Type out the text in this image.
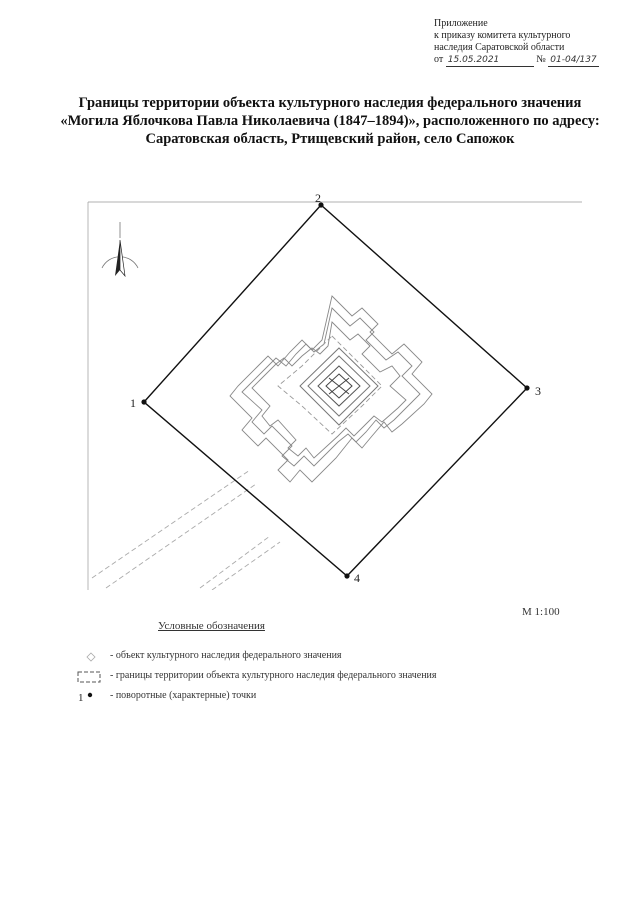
Приложение
к приказу комитета культурного
наследия Саратовской области
от 15.05.2021	№ 01-04/137
Границы территории объекта культурного наследия федерального значения «Могила Яблочкова Павла Николаевича (1847–1894)», расположенного по адресу: Саратовская область, Ртищевский район, село Сапожок
1
2
3
4
М 1:100
Условные обозначения
- объект культурного наследия федерального значения
- границы территории объекта культурного наследия федерального значения
1	- поворотные (характерные) точки
